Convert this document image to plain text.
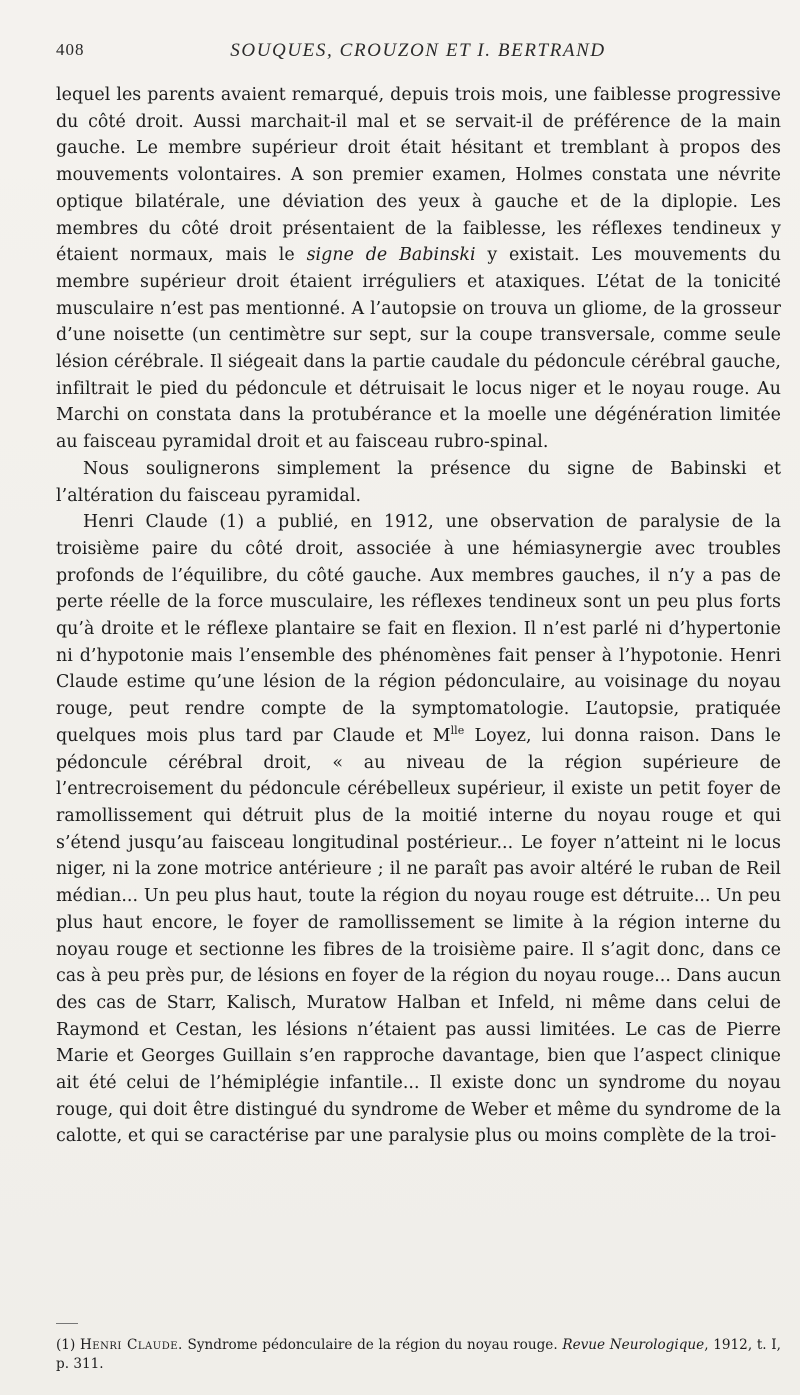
408	SOUQUES, CROUZON ET I. BERTRAND

lequel les parents avaient remarqué, depuis trois mois, une faiblesse progressive du côté droit. Aussi marchait-il mal et se servait-il de préférence de la main gauche. Le membre supérieur droit était hésitant et tremblant à propos des mouvements volontaires. A son premier examen, Holmes constata une névrite optique bilatérale, une déviation des yeux à gauche et de la diplopie. Les membres du côté droit présentaient de la faiblesse, les réflexes tendineux y étaient normaux, mais le signe de Babinski y existait. Les mouvements du membre supérieur droit étaient irréguliers et ataxiques. L’état de la tonicité musculaire n’est pas mentionné. A l’autopsie on trouva un gliome, de la grosseur d’une noisette (un centimètre sur sept, sur la coupe transversale, comme seule lésion cérébrale. Il siégeait dans la partie caudale du pédoncule cérébral gauche, infiltrait le pied du pédoncule et détruisait le locus niger et le noyau rouge. Au Marchi on constata dans la protubérance et la moelle une dégénération limitée au faisceau pyramidal droit et au faisceau rubro-spinal.

Nous soulignerons simplement la présence du signe de Babinski et l’altération du faisceau pyramidal.

Henri Claude (1) a publié, en 1912, une observation de paralysie de la troisième paire du côté droit, associée à une hémiasynergie avec troubles profonds de l’équilibre, du côté gauche. Aux membres gauches, il n’y a pas de perte réelle de la force musculaire, les réflexes tendineux sont un peu plus forts qu’à droite et le réflexe plantaire se fait en flexion. Il n’est parlé ni d’hypertonie ni d’hypotonie mais l’ensemble des phénomènes fait penser à l’hypotonie. Henri Claude estime qu’une lésion de la région pédonculaire, au voisinage du noyau rouge, peut rendre compte de la symptomatologie. L’autopsie, pratiquée quelques mois plus tard par Claude et $M^{lle}$ Loyez, lui donna raison. Dans le pédoncule cérébral droit, « au niveau de la région supérieure de l’entrecroisement du pédoncule cérébelleux supérieur, il existe un petit foyer de ramollissement qui détruit plus de la moitié interne du noyau rouge et qui s’étend jusqu’au faisceau longitudinal postérieur... Le foyer n’atteint ni le locus niger, ni la zone motrice antérieure ; il ne paraît pas avoir altéré le ruban de Reil médian... Un peu plus haut, toute la région du noyau rouge est détruite... Un peu plus haut encore, le foyer de ramollissement se limite à la région interne du noyau rouge et sectionne les fibres de la troisième paire. Il s’agit donc, dans ce cas à peu près pur, de lésions en foyer de la région du noyau rouge... Dans aucun des cas de Starr, Kalisch, Muratow Halban et Infeld, ni même dans celui de Raymond et Cestan, les lésions n’étaient pas aussi limitées. Le cas de Pierre Marie et Georges Guillain s’en rapproche davantage, bien que l’aspect clinique ait été celui de l’hémiplégie infantile... Il existe donc un syndrome du noyau rouge, qui doit être distingué du syndrome de Weber et même du syndrome de la calotte, et qui se caractérise par une paralysie plus ou moins complète de la troi-

(1) Henri Claude. Syndrome pédonculaire de la région du noyau rouge. Revue Neurologique, 1912, t. I, p. 311.
